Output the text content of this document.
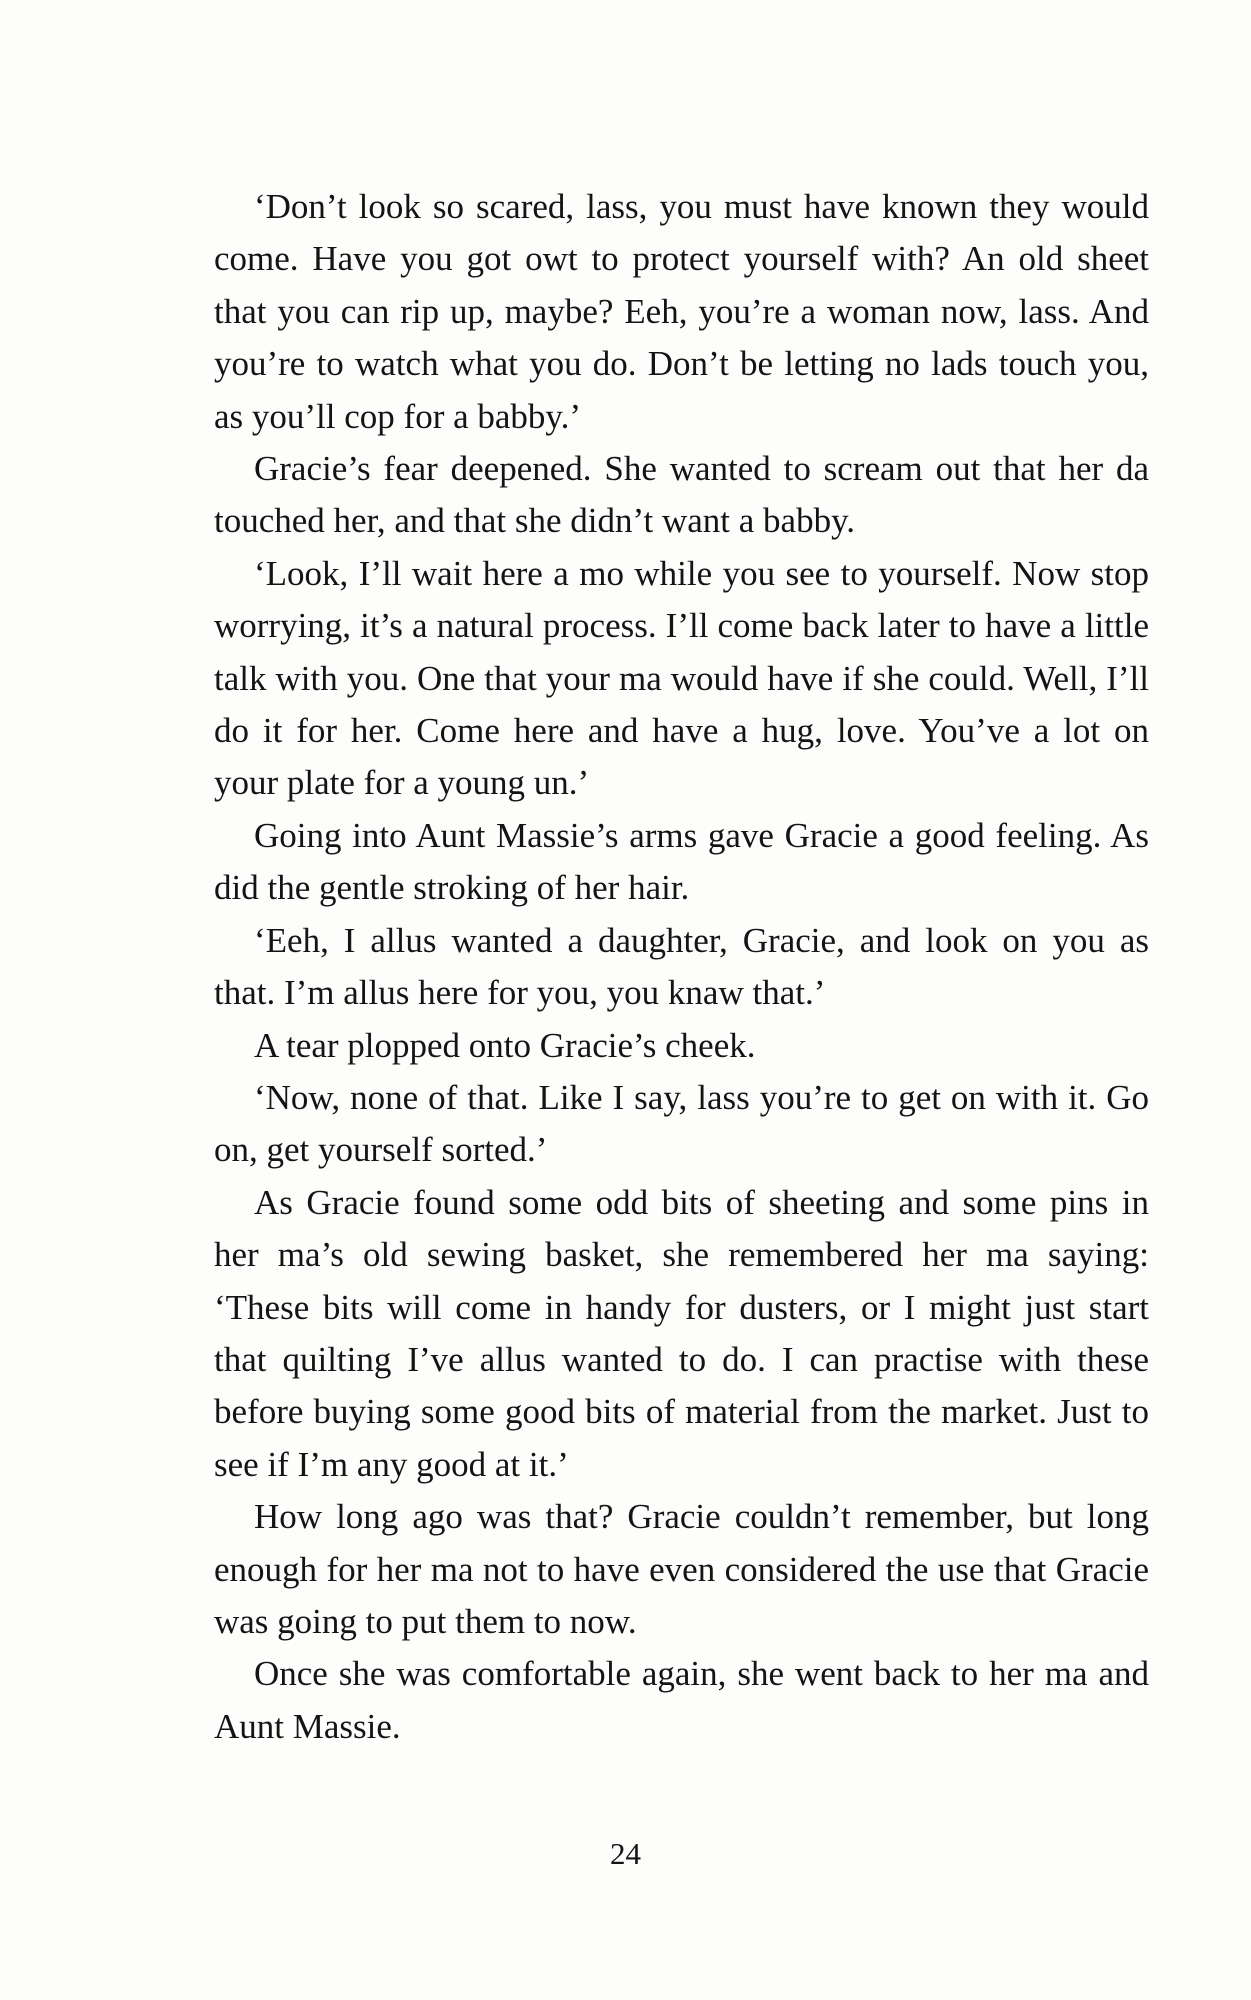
‘Don’t look so scared, lass, you must have known they would come. Have you got owt to protect yourself with? An old sheet that you can rip up, maybe? Eeh, you’re a woman now, lass. And you’re to watch what you do. Don’t be letting no lads touch you, as you’ll cop for a babby.’

Gracie’s fear deepened. She wanted to scream out that her da touched her, and that she didn’t want a babby.

‘Look, I’ll wait here a mo while you see to yourself. Now stop worrying, it’s a natural process. I’ll come back later to have a little talk with you. One that your ma would have if she could. Well, I’ll do it for her. Come here and have a hug, love. You’ve a lot on your plate for a young un.’

Going into Aunt Massie’s arms gave Gracie a good feeling. As did the gentle stroking of her hair.

‘Eeh, I allus wanted a daughter, Gracie, and look on you as that. I’m allus here for you, you knaw that.’

A tear plopped onto Gracie’s cheek.

‘Now, none of that. Like I say, lass you’re to get on with it. Go on, get yourself sorted.’

As Gracie found some odd bits of sheeting and some pins in her ma’s old sewing basket, she remembered her ma saying: ‘These bits will come in handy for dusters, or I might just start that quilting I’ve allus wanted to do. I can practise with these before buying some good bits of material from the market. Just to see if I’m any good at it.’

How long ago was that? Gracie couldn’t remember, but long enough for her ma not to have even considered the use that Gracie was going to put them to now.

Once she was comfortable again, she went back to her ma and Aunt Massie.

24
